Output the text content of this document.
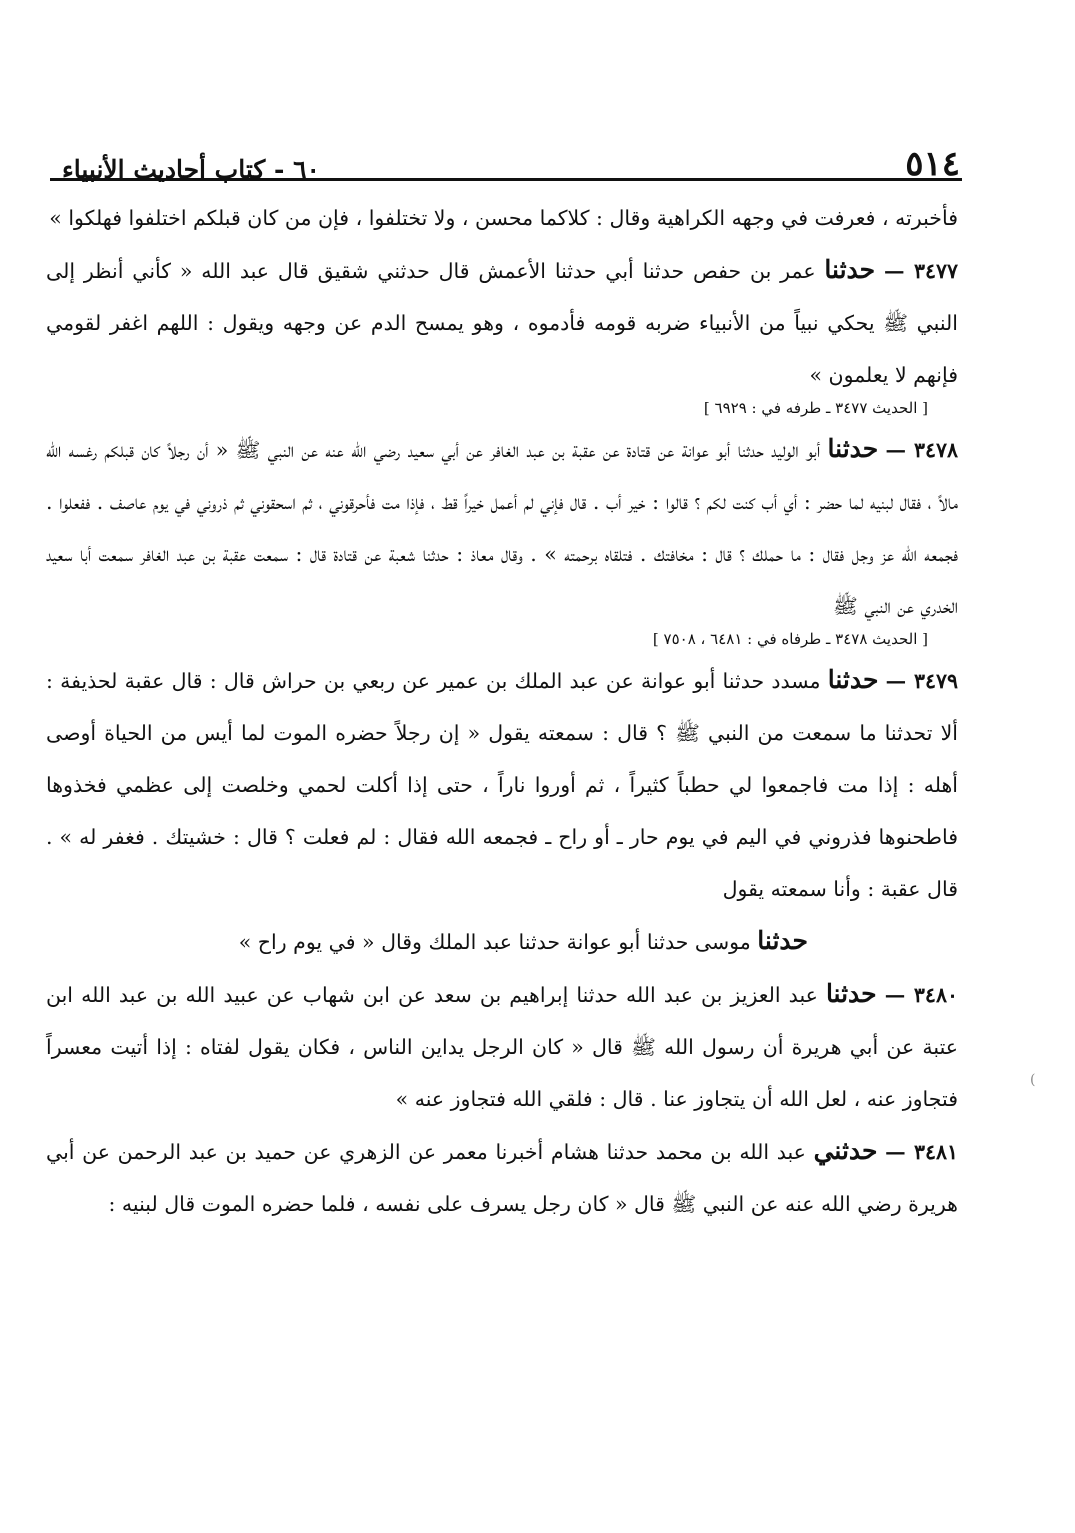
٥١٤
٦٠ - كتاب أحاديث الأنبياء

فأخبرته ، فعرفت في وجهه الكراهية وقال : كلاكما محسن ، ولا تختلفوا ، فإن من كان قبلكم اختلفوا فهلكوا »

٣٤٧٧ — حدثنا عمر بن حفص حدثنا أبي حدثنا الأعمش قال حدثني شقيق قال عبد الله « كأني أنظر إلى النبي ﷺ يحكي نبياً من الأنبياء ضربه قومه فأدموه ، وهو يمسح الدم عن وجهه ويقول : اللهم اغفر لقومي فإنهم لا يعلمون »

[ الحديث ٣٤٧٧ ـ طرفه في : ٦٩٢٩ ]

٣٤٧٨ — حدثنا أبو الوليد حدثنا أبو عوانة عن قتادة عن عقبة بن عبد الغافر عن أبي سعيد رضي الله عنه عن النبي ﷺ « أن رجلاً كان قبلكم رغسه الله مالاً ، فقال لبنيه لما حضر : أي أب كنت لكم ؟ قالوا : خير أب . قال فإني لم أعمل خيراً قط ، فإذا مت فأحرقوني ، ثم اسحقوني ثم ذروني في يوم عاصف . ففعلوا . فجمعه الله عز وجل فقال : ما حملك ؟ قال : مخافتك . فتلقاه برحمته » . وقال معاذ : حدثنا شعبة عن قتادة قال : سمعت عقبة بن عبد الغافر سمعت أبا سعيد الخدري عن النبي ﷺ

[ الحديث ٣٤٧٨ ـ طرفاه في : ٦٤٨١ ، ٧٥٠٨ ]

٣٤٧٩ — حدثنا مسدد حدثنا أبو عوانة عن عبد الملك بن عمير عن ربعي بن حراش قال : قال عقبة لحذيفة : ألا تحدثنا ما سمعت من النبي ﷺ ؟ قال : سمعته يقول « إن رجلاً حضره الموت لما أيس من الحياة أوصى أهله : إذا مت فاجمعوا لي حطباً كثيراً ، ثم أوروا ناراً ، حتى إذا أكلت لحمي وخلصت إلى عظمي فخذوها فاطحنوها فذروني في اليم في يوم حار ـ أو راح ـ فجمعه الله فقال : لم فعلت ؟ قال : خشيتك . فغفر له » . قال عقبة : وأنا سمعته يقول

حدثنا موسى حدثنا أبو عوانة حدثنا عبد الملك وقال « في يوم راح »

٣٤٨٠ — حدثنا عبد العزيز بن عبد الله حدثنا إبراهيم بن سعد عن ابن شهاب عن عبيد الله بن عبد الله ابن عتبة عن أبي هريرة أن رسول الله ﷺ قال « كان الرجل يداين الناس ، فكان يقول لفتاه : إذا أتيت معسراً فتجاوز عنه ، لعل الله أن يتجاوز عنا . قال : فلقي الله فتجاوز عنه »

٣٤٨١ — حدثني عبد الله بن محمد حدثنا هشام أخبرنا معمر عن الزهري عن حميد بن عبد الرحمن عن أبي هريرة رضي الله عنه عن النبي ﷺ قال « كان رجل يسرف على نفسه ، فلما حضره الموت قال لبنيه :

(
